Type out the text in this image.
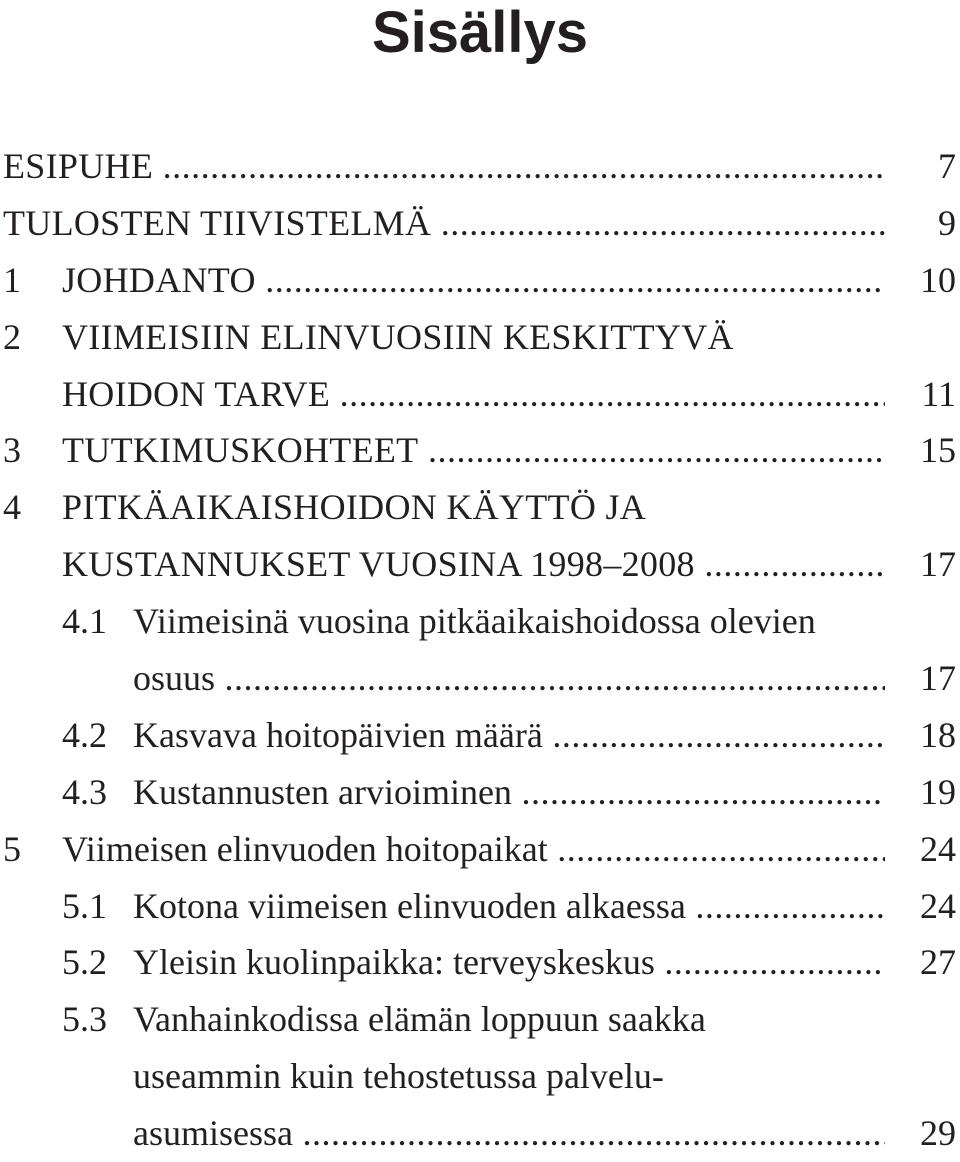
Sisällys
ESIPUHE .....	7
TULOSTEN TIIVISTELMÄ .....	9
1 JOHDANTO .....	10
2 VIIMEISIIN ELINVUOSIIN KESKITTYVÄ
HOIDON TARVE .....	11
3 TUTKIMUSKOHTEET .....	15
4 PITKÄAIKAISHOIDON KÄYTTÖ JA
KUSTANNUKSET VUOSINA 1998–2008 .....	17
4.1 Viimeisinä vuosina pitkäaikaishoidossa olevien
osuus .....	17
4.2 Kasvava hoitopäivien määrä .....	18
4.3 Kustannusten arvioiminen .....	19
5 Viimeisen elinvuoden hoitopaikat .....	24
5.1 Kotona viimeisen elinvuoden alkaessa .....	24
5.2 Yleisin kuolinpaikka: terveyskeskus .....	27
5.3 Vanhainkodissa elämän loppuun saakka
useammin kuin tehostetussa palvelu-
asumisessa .....	29
